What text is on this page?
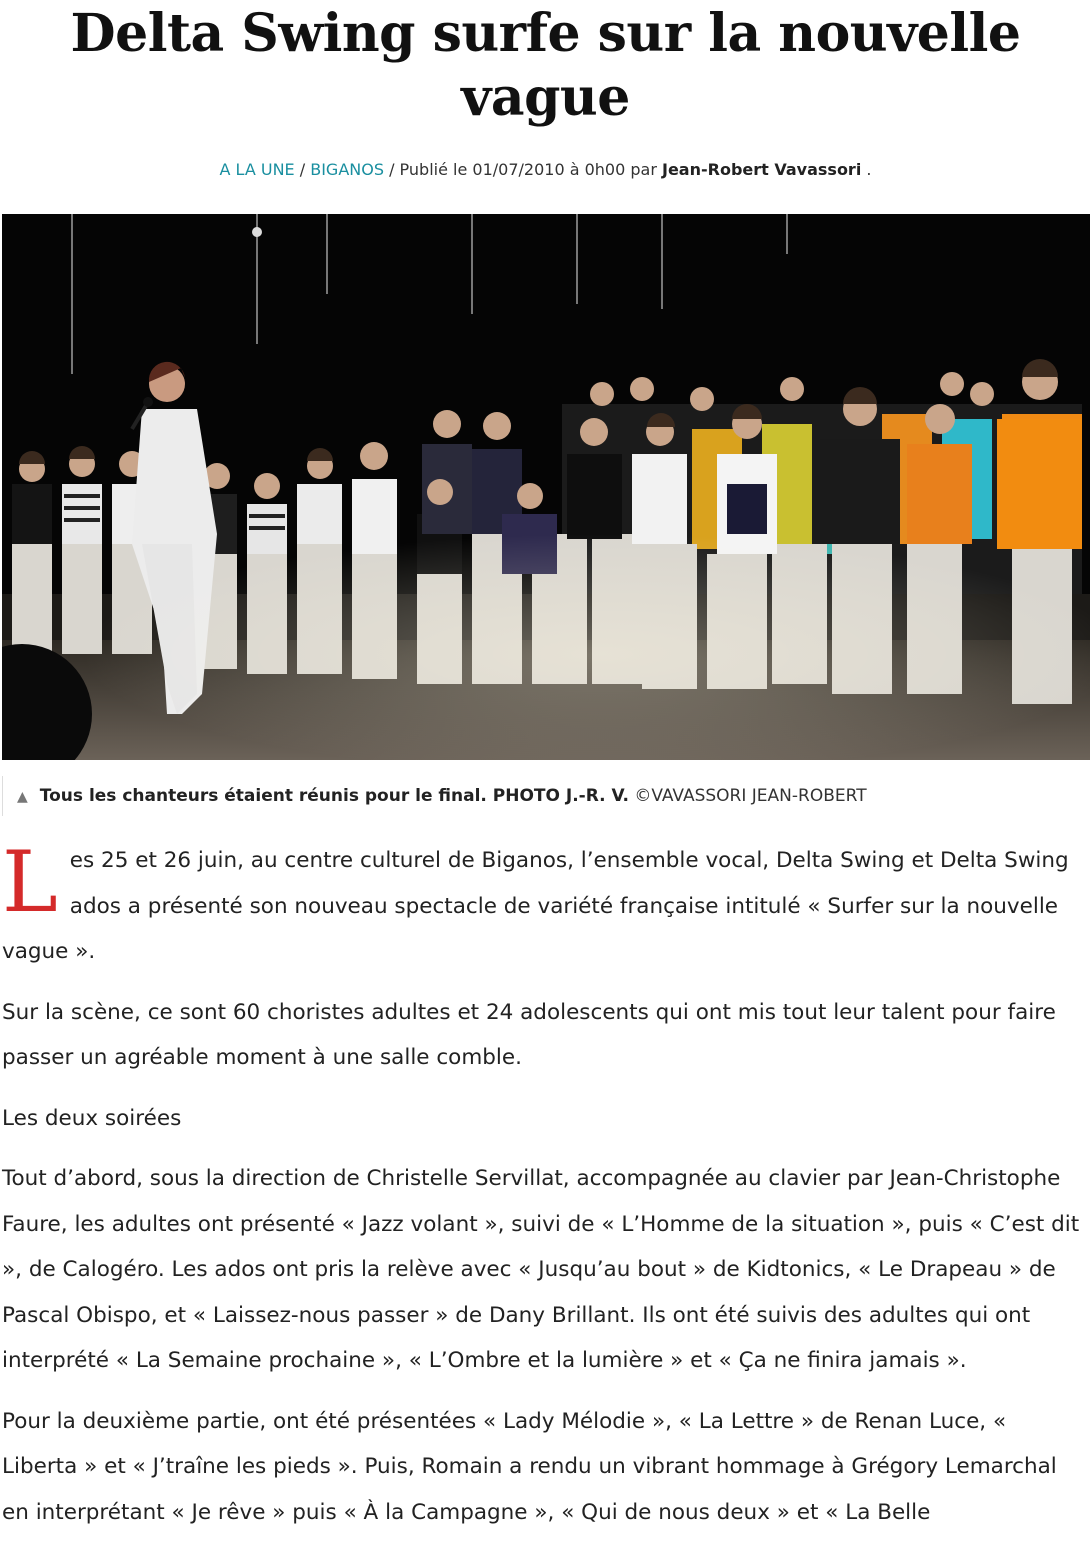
Delta Swing surfe sur la nouvelle vague
A LA UNE / BIGANOS / Publié le 01/07/2010 à 0h00 par Jean-Robert Vavassori .
▲ Tous les chanteurs étaient réunis pour le final. PHOTO J.-R. V. ©VAVASSORI JEAN-ROBERT

Les 25 et 26 juin, au centre culturel de Biganos, l’ensemble vocal, Delta Swing et Delta Swing ados a présenté son nouveau spectacle de variété française intitulé « Surfer sur la nouvelle vague ».

Sur la scène, ce sont 60 choristes adultes et 24 adolescents qui ont mis tout leur talent pour faire passer un agréable moment à une salle comble.

Les deux soirées

Tout d’abord, sous la direction de Christelle Servillat, accompagnée au clavier par Jean-Christophe Faure, les adultes ont présenté « Jazz volant », suivi de « L’Homme de la situation », puis « C’est dit », de Calogéro. Les ados ont pris la relève avec « Jusqu’au bout » de Kidtonics, « Le Drapeau » de Pascal Obispo, et « Laissez-nous passer » de Dany Brillant. Ils ont été suivis des adultes qui ont interprété « La Semaine prochaine », « L’Ombre et la lumière » et « Ça ne finira jamais ».

Pour la deuxième partie, ont été présentées « Lady Mélodie », « La Lettre » de Renan Luce, « Liberta » et « J’traîne les pieds ». Puis, Romain a rendu un vibrant hommage à Grégory Lemarchal en interprétant « Je rêve » puis « À la Campagne », « Qui de nous deux » et « La Belle
